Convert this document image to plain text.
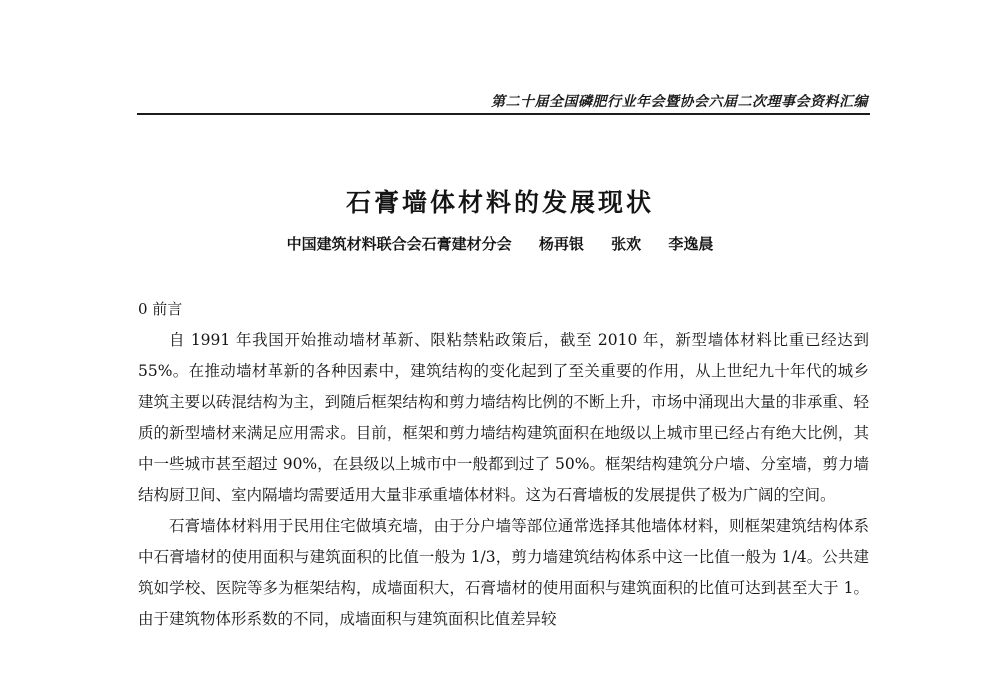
第二十届全国磷肥行业年会暨协会六届二次理事会资料汇编
石膏墙体材料的发展现状
中国建筑材料联合会石膏建材分会 杨再银 张欢 李逸晨
0 前言

自 1991 年我国开始推动墙材革新、限粘禁粘政策后，截至 2010 年，新型墙体材料比重已经达到 55%。在推动墙材革新的各种因素中，建筑结构的变化起到了至关重要的作用，从上世纪九十年代的城乡建筑主要以砖混结构为主，到随后框架结构和剪力墙结构比例的不断上升，市场中涌现出大量的非承重、轻质的新型墙材来满足应用需求。目前，框架和剪力墙结构建筑面积在地级以上城市里已经占有绝大比例，其中一些城市甚至超过 90%，在县级以上城市中一般都到过了 50%。框架结构建筑分户墙、分室墙，剪力墙结构厨卫间、室内隔墙均需要适用大量非承重墙体材料。这为石膏墙板的发展提供了极为广阔的空间。

石膏墙体材料用于民用住宅做填充墙，由于分户墙等部位通常选择其他墙体材料，则框架建筑结构体系中石膏墙材的使用面积与建筑面积的比值一般为 1/3，剪力墙建筑结构体系中这一比值一般为 1/4。公共建筑如学校、医院等多为框架结构，成墙面积大，石膏墙材的使用面积与建筑面积的比值可达到甚至大于 1。由于建筑物体形系数的不同，成墙面积与建筑面积比值差异较
